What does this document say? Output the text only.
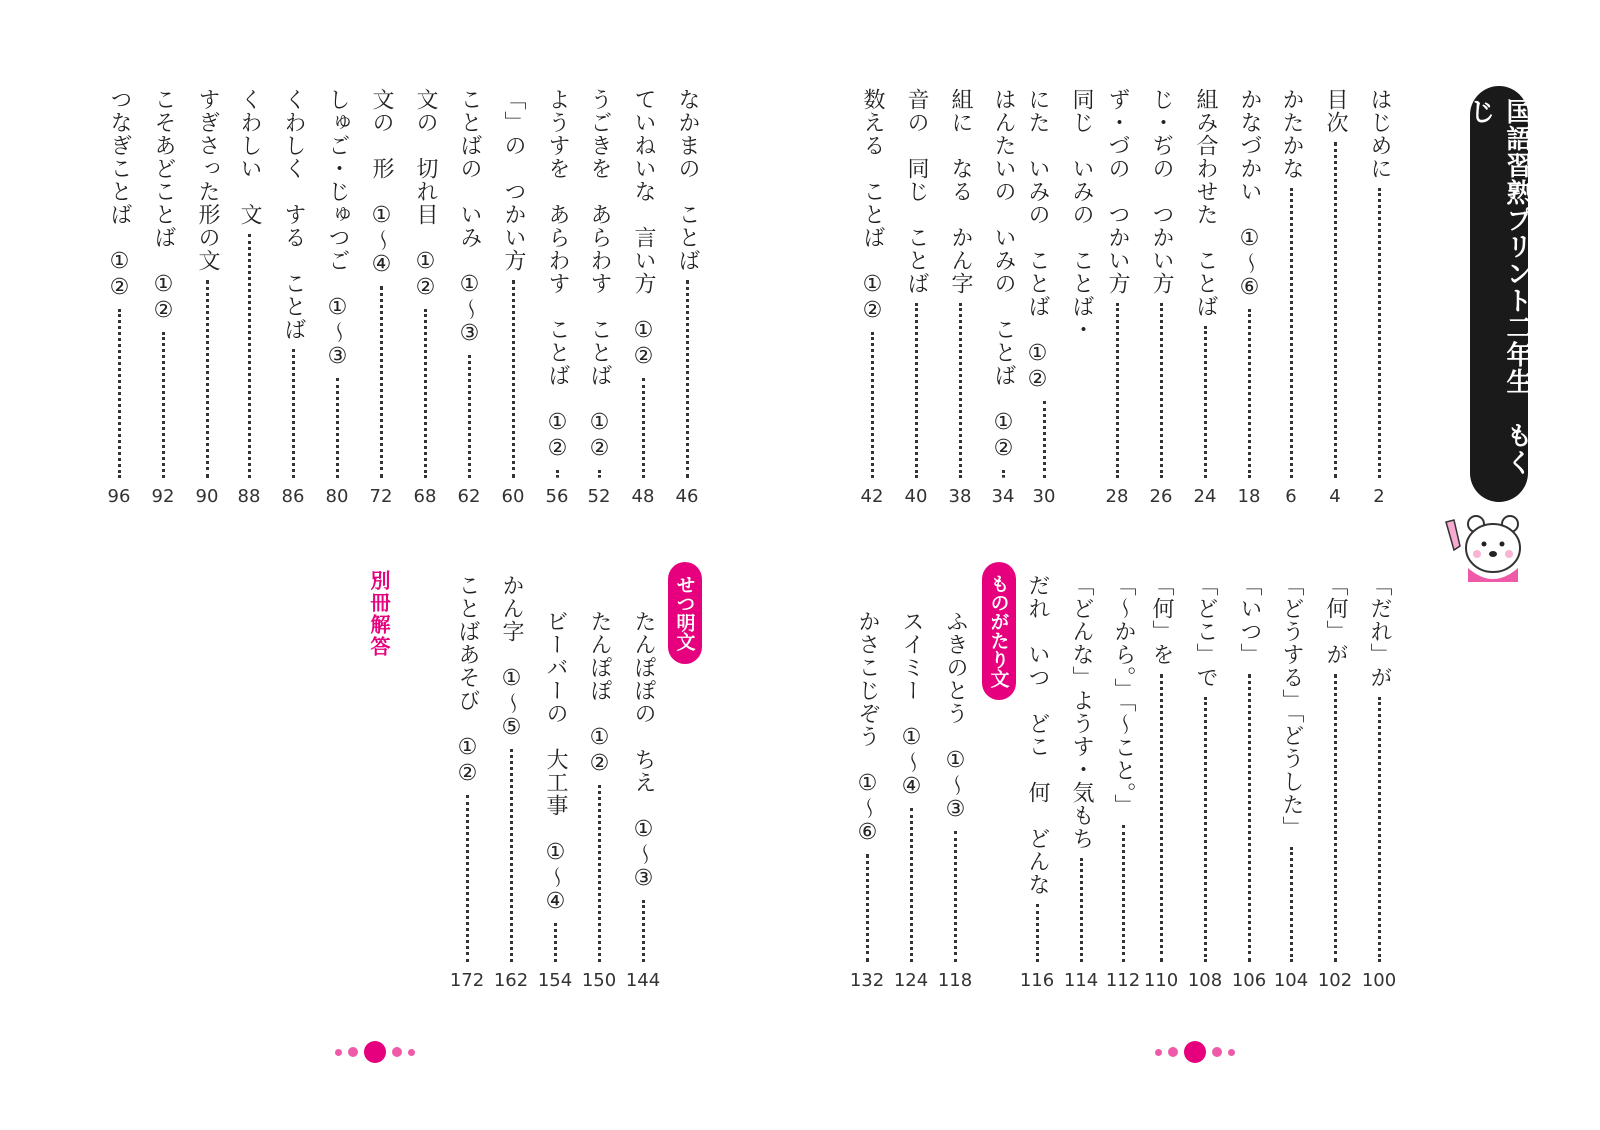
国語習熟プリント二年生　もくじ
ものがたり文
せつ明文
別冊解答
はじめに
2
目次
4
かたかな
6
かなづかい　①〜⑥
18
組み合わせた　ことば
24
じ・ぢの　つかい方
26
ず・づの　つかい方
28
同じ　いみの　ことば・
にた　いみの　ことば　①②
30
はんたいの　いみの　ことば　①②
34
組に　なる　かん字
38
音の　同じ　ことば
40
数える　ことば　①②
42
なかまの　ことば
46
ていねいな　言い方　①②
48
うごきを　あらわす　ことば　①②
52
ようすを　あらわす　ことば　①②
56
「」の　つかい方
60
ことばの　いみ　①〜③
62
文の　切れ目　①②
68
文の　形　①〜④
72
しゅご・じゅつご　①〜③
80
くわしく　する　ことば
86
くわしい　文
88
すぎさった形の文
90
こそあどことば　①②
92
つなぎことば　①②
96
「だれ」が
100
「何」が
102
「どうする」「どうした」
104
「いつ」
106
「どこ」で
108
「何」を
110
「〜から。」「〜こと。」
112
「どんな」ようす・気もち
114
だれ　いつ　どこ　何　どんな
116
ふきのとう　①〜③
118
スイミー　①〜④
124
かさこじぞう　①〜⑥
132
たんぽぽの　ちえ　①〜③
144
たんぽぽ　①②
150
ビーバーの　大工事　①〜④
154
かん字　①〜⑤
162
ことばあそび　①②
172
